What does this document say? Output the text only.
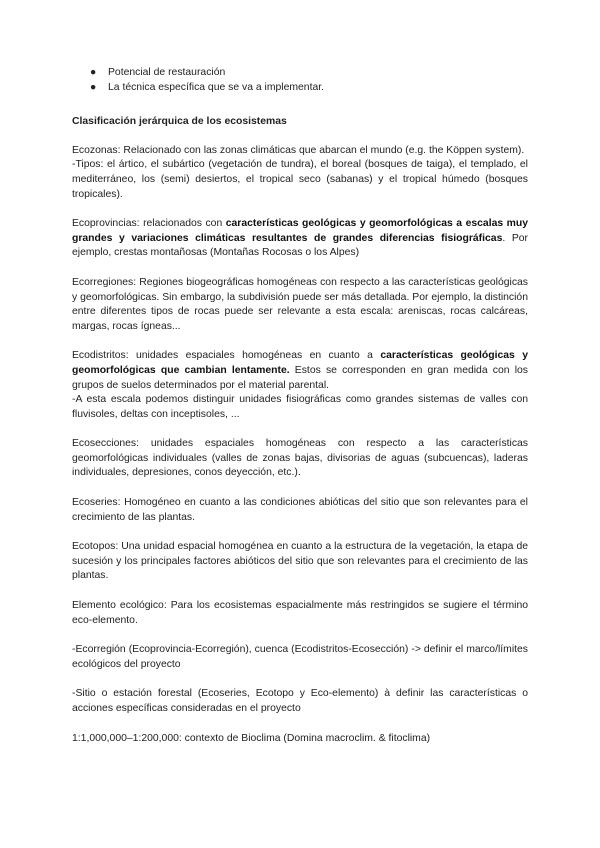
● Potencial de restauración
● La técnica específica que se va a implementar.

Clasificación jerárquica de los ecosistemas

Ecozonas: Relacionado con las zonas climáticas que abarcan el mundo (e.g. the Köppen system).

-Tipos: el ártico, el subártico (vegetación de tundra), el boreal (bosques de taiga), el templado, el mediterráneo, los (semi) desiertos, el tropical seco (sabanas) y el tropical húmedo (bosques tropicales).

Ecoprovincias: relacionados con características geológicas y geomorfológicas a escalas muy grandes y variaciones climáticas resultantes de grandes diferencias fisiográficas. Por ejemplo, crestas montañosas (Montañas Rocosas o los Alpes)

Ecorregiones: Regiones biogeográficas homogéneas con respecto a las características geológicas y geomorfológicas. Sin embargo, la subdivisión puede ser más detallada. Por ejemplo, la distinción entre diferentes tipos de rocas puede ser relevante a esta escala: areniscas, rocas calcáreas, margas, rocas ígneas...

Ecodistritos: unidades espaciales homogéneas en cuanto a características geológicas y geomorfológicas que cambian lentamente. Estos se corresponden en gran medida con los grupos de suelos determinados por el material parental.

-A esta escala podemos distinguir unidades fisiográficas como grandes sistemas de valles con fluvisoles, deltas con inceptisoles, ...

Ecosecciones: unidades espaciales homogéneas con respecto a las características geomorfológicas individuales (valles de zonas bajas, divisorias de aguas (subcuencas), laderas individuales, depresiones, conos deyección, etc.).

Ecoseries: Homogéneo en cuanto a las condiciones abióticas del sitio que son relevantes para el crecimiento de las plantas.

Ecotopos: Una unidad espacial homogénea en cuanto a la estructura de la vegetación, la etapa de sucesión y los principales factores abióticos del sitio que son relevantes para el crecimiento de las plantas.

Elemento ecológico: Para los ecosistemas espacialmente más restringidos se sugiere el término eco-elemento.

-Ecorregión (Ecoprovincia-Ecorregión), cuenca (Ecodistritos-Ecosección) -> definir el marco/límites ecológicos del proyecto

-Sitio o estación forestal (Ecoseries, Ecotopo y Eco-elemento) à definir las características o acciones específicas consideradas en el proyecto

1:1,000,000–1:200,000: contexto de Bioclima (Domina macroclim. & fitoclima)
